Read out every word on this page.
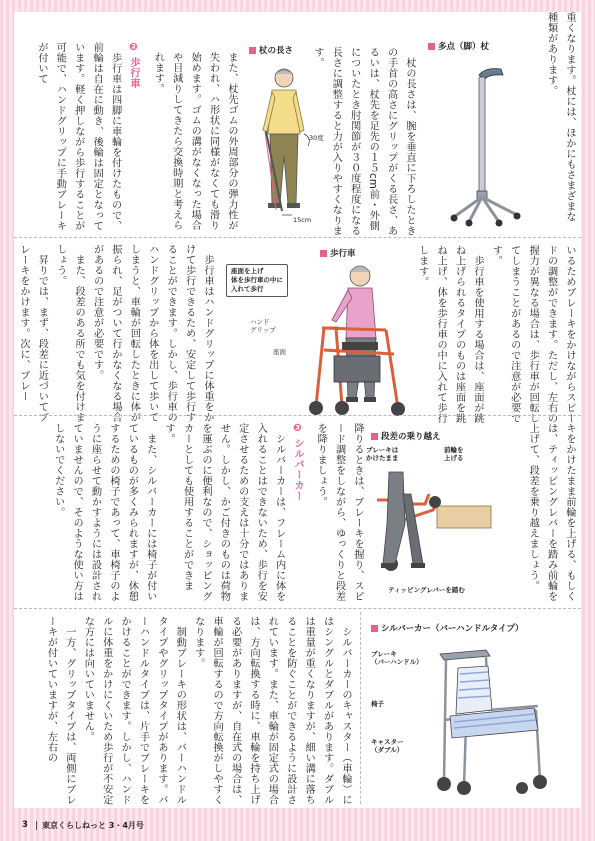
重くなります。杖には、ほかにもさまざまな種類があります。
多点（脚）杖
　杖の長さは、腕を垂直に下ろしたときの手首の高さにグリップがくる長さ、あるいは、杖先を足先の１５cm前・外側についたとき肘関節が３０度程度になる長さに調整すると力が入りやすくなります。
杖の長さ
30度
15cm
また、杖先ゴムの外周部分の弾力性が失われ、ハ形状に同様がなくても滑り始めます。ゴムの溝がなくなった場合や目減りしてきたら交換時期と考えられます。
❷ 歩行車
　歩行車は四脚に車輪を付けたもので、前輪は自在に動き、後輪は固定となっています。軽く押しながら歩行することが可能で、ハンドグリップに手動ブレーキが付いて
いるためブレーキをかけながらスピードの調整ができます。ただし、左右の握力が異なる場合は、歩行車が回転してしまうことがあるので注意が必要です。
　歩行車を使用する場合は、座面が跳ね上げられるタイプのものは座面を跳ね上げ、体を歩行車の中に入れて歩行します。
歩行車
座面を上げ
体を歩行車の中に
入れて歩行
ハンド
グリップ
座面
　歩行車はハンドグリップに体重をかけて歩行できるため、安定して歩行することができます。しかし、歩行車のハンドグリップから体を出して歩いてしまうと、車輪が回転したときに体が振られ、足がついて行かなくなる場合があるので注意が必要です。
　また、段差のある所でも気を付けましょう。
　昇りでは、まず、段差に近づいてブレーキをかけます。次に、ブレー
キをかけたまま前輪を上げる、もしくは、ティッピングレバーを踏み前輪を上げて、段差を乗り越えましょう。
段差の乗り越え
ブレーキは
かけたまま
前輪を
上げる
ティッピングレバーを踏む
降りるときは、ブレーキを握り、スピード調整をしながら、ゆっくりと段差を降りましょう。
❸ シルバーカー
　シルバーカーは、フレーム内に体を入れることはできないため、歩行を安定させるための支えは十分ではありません。しかし、かご付きのものは荷物を運ぶのに便利なので、ショッピングカーとしても使用することができます。
　また、シルバーカーには椅子が付いているものが多くみられますが、休憩するための椅子であって、車椅子のように座らせて動かすようには設計されていませんので、そのような使い方はしないでください。
シルバーカー（バーハンドルタイプ）
ブレーキ
（バーハンドル）
椅子
キャスター
（ダブル）
　シルバーカーのキャスター（車輪）にはシングルとダブルがあります。ダブルは重量が重くなりますが、細い溝に落ちることを防ぐことができるように設計されています。また、車輪が固定式の場合は、方向転換する時に、車輪を持ち上げる必要がありますが、自在式の場合は、車輪が回転するので方向転換がしやすくなります。
　制動ブレーキの形状は、バーハンドルタイプやグリップタイプがあります。バーハンドルタイプは、片手でブレーキをかけることができます。しかし、ハンドルに体重をかけにくいため歩行が不安定な方には向いていません。
　一方、グリップタイプは、両側にブレーキが付いていますが、左右の
3 東京くらしねっと 3・4月号
